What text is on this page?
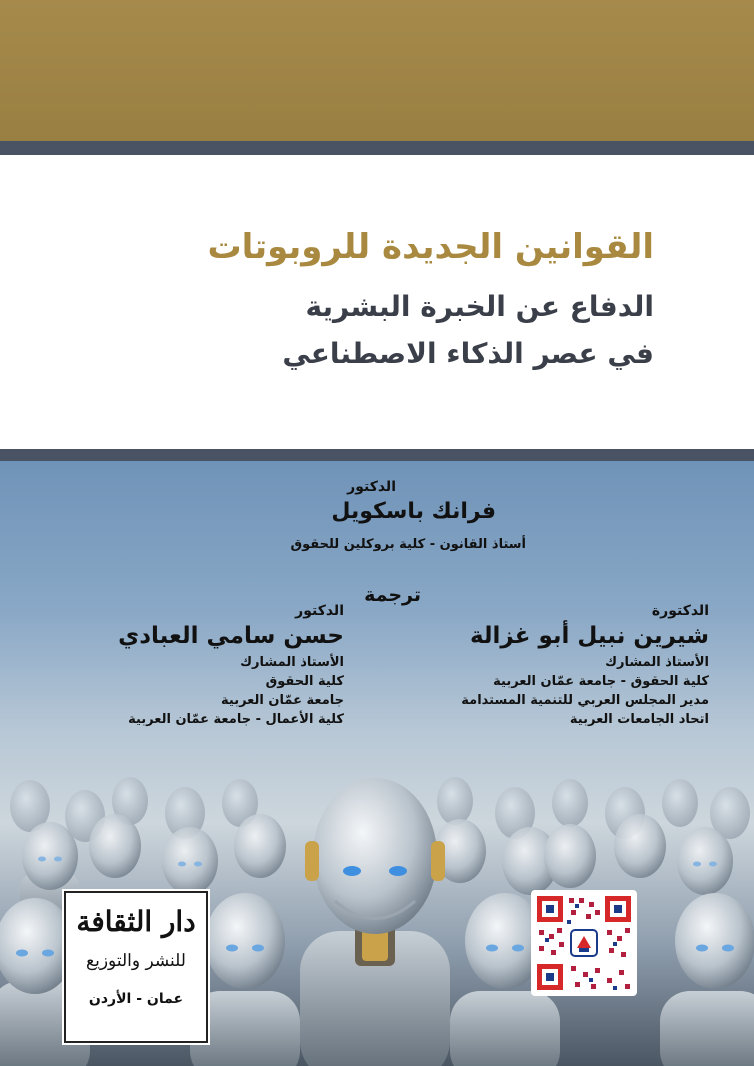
القوانين الجديدة للروبوتات
الدفاع عن الخبرة البشرية
في عصر الذكاء الاصطناعي
الدكتور
فرانك باسكويل
أستاذ القانون - كلية بروكلين للحقوق
ترجمة
الدكتورة
شيرين نبيل أبو غزالة
الأستاذ المشارك
كلية الحقوق - جامعة عمّان العربية
مدير المجلس العربي للتنمية المستدامة
اتحاد الجامعات العربية
الدكتور
حسن سامي العبادي
الأستاذ المشارك
كلية الحقوق
جامعة عمّان العربية
كلية الأعمال - جامعة عمّان العربية
دار الثقافة
للنشر والتوزيع
عمان - الأردن
